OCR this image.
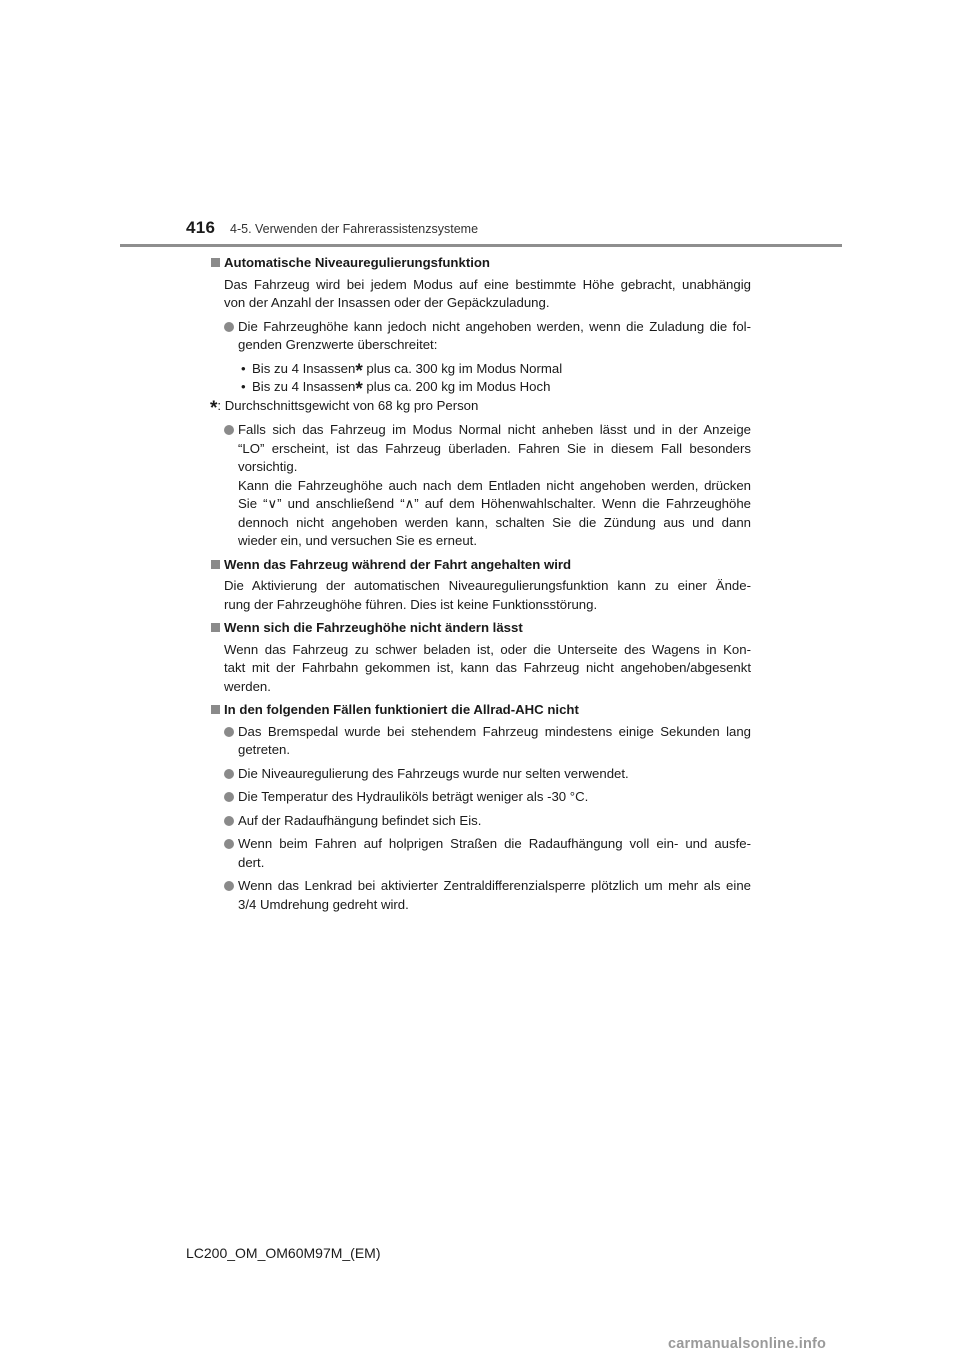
416 4-5. Verwenden der Fahrerassistenzsysteme
Automatische Niveauregulierungsfunktion
Das Fahrzeug wird bei jedem Modus auf eine bestimmte Höhe gebracht, unabhängig
von der Anzahl der Insassen oder der Gepäckzuladung.
Die Fahrzeughöhe kann jedoch nicht angehoben werden, wenn die Zuladung die fol-
genden Grenzwerte überschreitet:
• Bis zu 4 Insassen* plus ca. 300 kg im Modus Normal
• Bis zu 4 Insassen* plus ca. 200 kg im Modus Hoch
*: Durchschnittsgewicht von 68 kg pro Person
Falls sich das Fahrzeug im Modus Normal nicht anheben lässt und in der Anzeige
“LO” erscheint, ist das Fahrzeug überladen. Fahren Sie in diesem Fall besonders
vorsichtig.
Kann die Fahrzeughöhe auch nach dem Entladen nicht angehoben werden, drücken
Sie “∨” und anschließend “∧” auf dem Höhenwahlschalter. Wenn die Fahrzeughöhe
dennoch nicht angehoben werden kann, schalten Sie die Zündung aus und dann
wieder ein, und versuchen Sie es erneut.
Wenn das Fahrzeug während der Fahrt angehalten wird
Die Aktivierung der automatischen Niveauregulierungsfunktion kann zu einer Ände-
rung der Fahrzeughöhe führen. Dies ist keine Funktionsstörung.
Wenn sich die Fahrzeughöhe nicht ändern lässt
Wenn das Fahrzeug zu schwer beladen ist, oder die Unterseite des Wagens in Kon-
takt mit der Fahrbahn gekommen ist, kann das Fahrzeug nicht angehoben/abgesenkt
werden.
In den folgenden Fällen funktioniert die Allrad-AHC nicht
Das Bremspedal wurde bei stehendem Fahrzeug mindestens einige Sekunden lang
getreten.
Die Niveauregulierung des Fahrzeugs wurde nur selten verwendet.
Die Temperatur des Hydrauliköls beträgt weniger als -30 °C.
Auf der Radaufhängung befindet sich Eis.
Wenn beim Fahren auf holprigen Straßen die Radaufhängung voll ein- und ausfe-
dert.
Wenn das Lenkrad bei aktivierter Zentraldifferenzialsperre plötzlich um mehr als eine
3/4 Umdrehung gedreht wird.
LC200_OM_OM60M97M_(EM)
carmanualsonline.info
